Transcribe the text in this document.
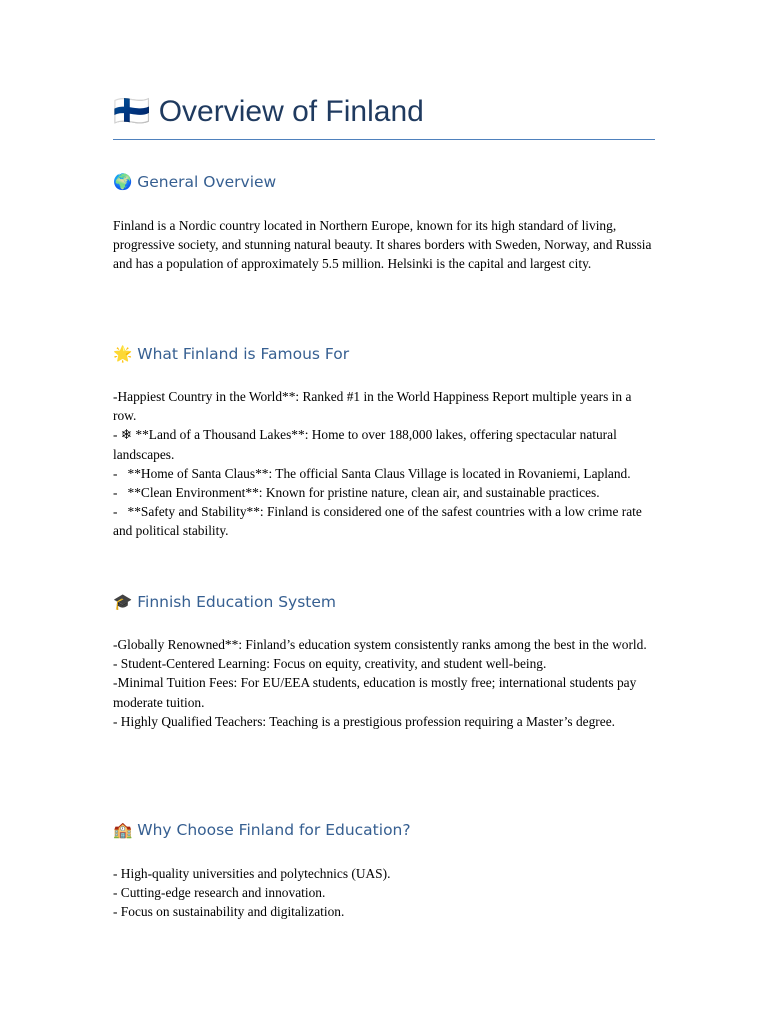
🇫🇮 Overview of Finland
🌍 General Overview

Finland is a Nordic country located in Northern Europe, known for its high standard of living, progressive society, and stunning natural beauty. It shares borders with Sweden, Norway, and Russia and has a population of approximately 5.5 million. Helsinki is the capital and largest city.

🌟 What Finland is Famous For

-Happiest Country in the World**: Ranked #1 in the World Happiness Report multiple years in a row.

- ❄ **Land of a Thousand Lakes**: Home to over 188,000 lakes, offering spectacular natural landscapes.

-   **Home of Santa Claus**: The official Santa Claus Village is located in Rovaniemi, Lapland.

-   **Clean Environment**: Known for pristine nature, clean air, and sustainable practices.

-   **Safety and Stability**: Finland is considered one of the safest countries with a low crime rate and political stability.

🎓 Finnish Education System

-Globally Renowned**: Finland’s education system consistently ranks among the best in the world.

- Student-Centered Learning: Focus on equity, creativity, and student well-being.

-Minimal Tuition Fees: For EU/EEA students, education is mostly free; international students pay moderate tuition.

- Highly Qualified Teachers: Teaching is a prestigious profession requiring a Master’s degree.

🏫 Why Choose Finland for Education?

- High-quality universities and polytechnics (UAS).

- Cutting-edge research and innovation.

- Focus on sustainability and digitalization.
